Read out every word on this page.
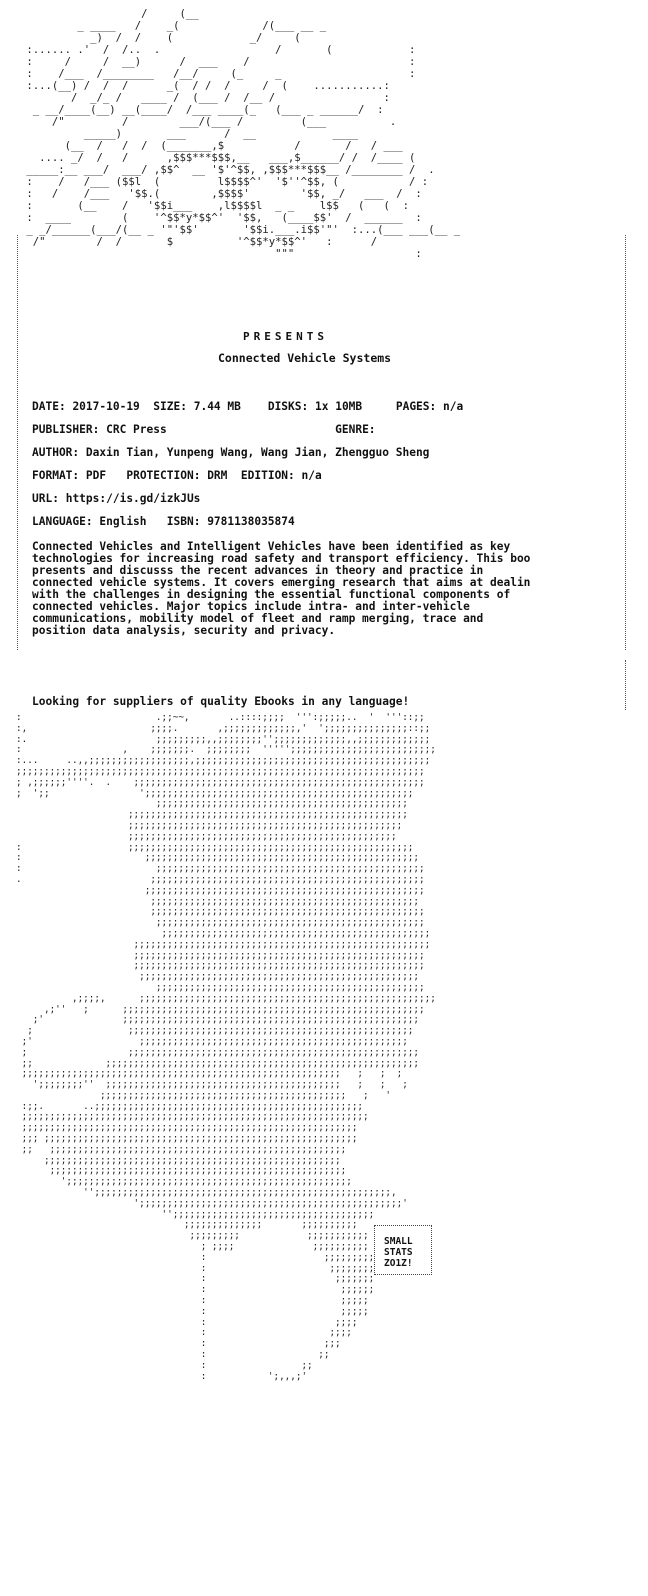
/     (__
_ ____   /    _(             /(___ __ _
_)  /  /    (            _/     (
:...... .'  /  /..  .                  /       (            :
:     /     /  __)      /  ___    /                         :
:    /___  /________   /__/     (_     _                    :
:...(__) /  /  /      _(  / /  /     /  (    ...........:
/  _/_ /   ____ /  (___ /  /__ /                 :
_ __/____(__) __(____/  /___ ____(_   (___ _ ______/  :
/"         /        ___/(___ /         (___          .
_____)       ___      /  __            ____
(__  /   /  /  (_______,$           /       /   / ___
.... _/  /   /      ,$$$***$$$,__   ___,$______/ /  /____ (
_____:__ ___/  ___/ ,$$^  __ '$'^$$, ,$$$***$$$__ /________ /  .
:    /   /___ ($$l  (         l$$$$^'  '$''^$$, (           / :
:   /    /___   '$$.(        ,$$$$'        '$$, _/   ___  /  :
:       (__    /   '$$i___    ,l$$$$l  _ _    l$$   (   (  :
:  ____        (    '^$$*y*$$^'  '$$,   (____$$'  /  ______  :
_ _/______(___/(__ _ '"'$$'       '$$i.___.i$$'"'  :...(___ ___(__ _
/"        /  /       $          '^$$*y*$$^'   :      /
"""                   :
PRESENTS
Connected Vehicle Systems
DATE: 2017-10-19 SIZE: 7.44 MB DISKS: 1x 10MB	PAGES: n/a
PUBLISHER: CRC Press	GENRE:
AUTHOR: Daxin Tian, Yunpeng Wang, Wang Jian, Zhengguo Sheng
FORMAT: PDF PROTECTION: DRM EDITION: n/a
URL: https://is.gd/izkJUs
LANGUAGE: English ISBN: 9781138035874
Connected Vehicles and Intelligent Vehicles have been identified as key
technologies for increasing road safety and transport efficiency. This boo
presents and discusss the recent advances in theory and practice in
connected vehicle systems. It covers emerging research that aims at dealin
with the challenges in designing the essential functional components of
connected vehicles. Major topics include intra- and inter-vehicle
communications, mobility model of fleet and ramp merging, trace and
position data analysis, security and privacy.
Looking for suppliers of quality Ebooks in any language!
:                        .;;~~,       ..::::;;;;  ''':;;;;;..  '  '''::;;
:,                      ;;;;.       ,;;;;;;;;;;;;;,'  ';;;;;;;;;;;;;;;::;;
:.                       ;;;;;;;;;,,;;;;;;;;'';;;;;;;;;;;;;,,;;;;;;;;;;;;;
:                  ,    ;;;;;;;.  ;;;;;;;;  ''''';;;;;;;;;;;;;;;;;;;;;;;;;;
:...     ..,,;;;;;;;;;;;;;;;;;;,;;;;;;;;;;;;;;;;;;;;;;;;;;;;;;;;;;;;;;;;;;
;;;;;;;;;;;;;;;;;;;;;;;;;;;;;;;;;;;;;;;;;;;;;;;;;;;;;;;;;;;;;;;;;;;;;;;;;
; ,;;;;;;''''.  .    ;;;;;;;;;;;;;;;;;;;;;;;;;;;;;;;;;;;;;;;;;;;;;;;;;;;;
;  ';;                ';;;;;;;;;;;;;;;;;;;;;;;;;;;;;;;;;;;;;;;;;;;;;;;;
;;;;;;;;;;;;;;;;;;;;;;;;;;;;;;;;;;;;;;;;;;;;;
;;;;;;;;;;;;;;;;;;;;;;;;;;;;;;;;;;;;;;;;;;;;;;;;;;
;;;;;;;;;;;;;;;;;;;;;;;;;;;;;;;;;;;;;;;;;;;;;;;;;
;;;;;;;;;;;;;;;;;;;;;;;;;;;;;;;;;;;;;;;;;;;;;;;;
:                   ;;;;;;;;;;;;;;;;;;;;;;;;;;;;;;;;;;;;;;;;;;;;;;;;;;;
:                      ;;;;;;;;;;;;;;;;;;;;;;;;;;;;;;;;;;;;;;;;;;;;;;;;;
:                        ;;;;;;;;;;;;;;;;;;;;;;;;;;;;;;;;;;;;;;;;;;;;;;;;
.                       ;;;;;;;;;;;;;;;;;;;;;;;;;;;;;;;;;;;;;;;;;;;;;;;;;
;;;;;;;;;;;;;;;;;;;;;;;;;;;;;;;;;;;;;;;;;;;;;;;;;;
;;;;;;;;;;;;;;;;;;;;;;;;;;;;;;;;;;;;;;;;;;;;;;;;
;;;;;;;;;;;;;;;;;;;;;;;;;;;;;;;;;;;;;;;;;;;;;;;;;
;;;;;;;;;;;;;;;;;;;;;;;;;;;;;;;;;;;;;;;;;;;;;;;;
;;;;;;;;;;;;;;;;;;;;;;;;;;;;;;;;;;;;;;;;;;;;;;;;
;;;;;;;;;;;;;;;;;;;;;;;;;;;;;;;;;;;;;;;;;;;;;;;;;;;;;
;;;;;;;;;;;;;;;;;;;;;;;;;;;;;;;;;;;;;;;;;;;;;;;;;;;;
;;;;;;;;;;;;;;;;;;;;;;;;;;;;;;;;;;;;;;;;;;;;;;;;;;;;
;;;;;;;;;;;;;;;;;;;;;;;;;;;;;;;;;;;;;;;;;;;;;;;;;;
;;;;;;;;;;;;;;;;;;;;;;;;;;;;;;;;;;;;;;;;;;;;;;;;
,;;;;,      ;;;;;;;;;;;;;;;;;;;;;;;;;;;;;;;;;;;;;;;;;;;;;;;;;;;;;
,;''   ;      ;;;;;;;;;;;;;;;;;;;;;;;;;;;;;;;;;;;;;;;;;;;;;;;;;;;;;;
;'              ;;;;;;;;;;;;;;;;;;;;;;;;;;;;;;;;;;;;;;;;;;;;;;;;;;;;;
;                 ;;;;;;;;;;;;;;;;;;;;;;;;;;;;;;;;;;;;;;;;;;;;;;;;;;;
;'                   ;;;;;;;;;;;;;;;;;;;;;;;;;;;;;;;;;;;;;;;;;;;;;;;;
;                  ;;;;;;;;;;;;;;;;;;;;;;;;;;;;;;;;;;;;;;;;;;;;;;;;;;;;
;;             ;;;;;;;;;;;;;;;;;;;;;;;;;;;;;;;;;;;;;;;;;;;;;;;;;;;;;;;;
;;;;;;;;;;;;;;;;;;;;;;;;;;;;;;;;;;;;;;;;;;;;;;;;;;;;;;;;;   ;   ;  ;
';;;;;;;;''  ;;;;;;;;;;;;;;;;;;;;;;;;;;;;;;;;;;;;;;;;;;   ;   ;   ;
;;;;;;;;;;;;;;;;;;;;;;;;;;;;;;;;;;;;;;;;;;;;   ;   '
:;;.       ..;;;;;;;;;;;;;;;;;;;;;;;;;;;;;;;;;;;;;;;;;;;;;;;;
;;;;;;;;;;;;;;;;;;;;;;;;;;;;;;;;;;;;;;;;;;;;;;;;;;;;;;;;;;;;;;
;;;;;;;;;;;;;;;;;;;;;;;;;;;;;;;;;;;;;;;;;;;;;;;;;;;;;;;;;;;;
;;; ;;;;;;;;;;;;;;;;;;;;;;;;;;;;;;;;;;;;;;;;;;;;;;;;;;;;;;;;
;;   ;;;;;;;;;;;;;;;;;;;;;;;;;;;;;;;;;;;;;;;;;;;;;;;;;;;;;
;;;;;;;;;;;;;;;;;;;;;;;;;;;;;;;;;;;;;;;;;;;;;;;;;;;;;
;;;;;;;;;;;;;;;;;;;;;;;;;;;;;;;;;;;;;;;;;;;;;;;;;;;;;
';;;;;;;;;;;;;;;;;;;;;;;;;;;;;;;;;;;;;;;;;;;;;;;;;;;
'';;;;;;;;;;;;;;;;;;;;;;;;;;;;;;;;;;;;;;;;;;;;;;;;;;;;;,
';;;;;;;;;;;;;;;;;;;;;;;;;;;;;;;;;;;;;;;;;;;;;;;'
'';;;;;;;;;;;;;;;;;;;;;;;;;;;;;;;;;;;;
;;;;;;;;;;;;;;       ;;;;;;;;;;
;;;;;;;;;            ;;;;;;;;;;;
; ;;;;              ;;;;;;;;;;
:                     ;;;;;;;;;
:                      ;;;;;;;;
:                       ;;;;;;;
:                        ;;;;;;
:                        ;;;;;
:                        ;;;;;
:                       ;;;;
:                      ;;;;
:                     ;;;
:                    ;;
:                 ;;
:           ';,,,;'
SMALL
STATS
ZO1Z!
